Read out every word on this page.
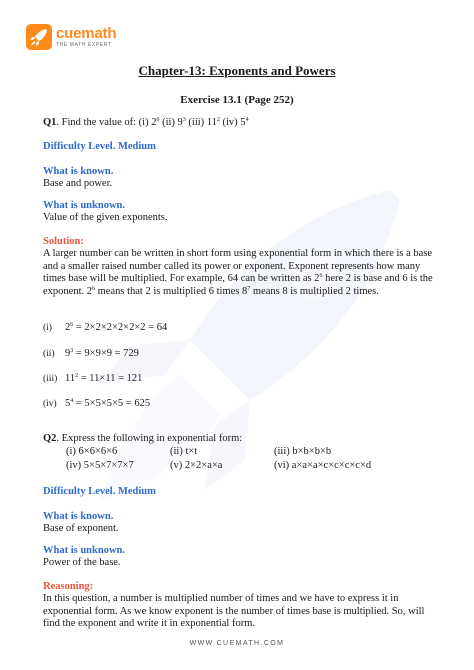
cuemath
THE MATH EXPERT
Chapter-13: Exponents and Powers
Exercise 13.1 (Page 252)
Q1. Find the value of: (i) $2^6$ (ii) $9^3$ (iii) $11^2$ (iv) $5^4$
Difficulty Level. Medium
What is known.
Base and power.
What is unknown.
Value of the given exponents.
Solution:
A larger number can be written in short form using exponential form in which there is a base and a smaller raised number called its power or exponent. Exponent represents how many times base will be multiplied. For example, 64 can be written as $2^6$ here 2 is base and 6 is the exponent. $2^6$ means that 2 is multiplied 6 times $8^7$ means 8 is multiplied 2 times.
(i) $2^6 = 2\times 2\times 2\times 2\times 2\times 2 = 64$
(ii) $9^3 = 9\times 9\times 9 = 729$
(iii) $11^2 = 11\times 11 = 121$
(iv) $5^4 = 5\times 5\times 5\times 5 = 625$
Q2. Express the following in exponential form:
(i) 6×6×6×6	(ii) t×t	(iii) b×b×b×b
(iv) 5×5×7×7×7	(v) 2×2×a×a	(vi) a×a×a×c×c×c×c×d
Difficulty Level. Medium
What is known.
Base of exponent.
What is unknown.
Power of the base.
Reasoning:
In this question, a number is multiplied number of times and we have to express it in exponential form. As we know exponent is the number of times base is multiplied. So, will find the exponent and write it in exponential form.
WWW.CUEMATH.COM
